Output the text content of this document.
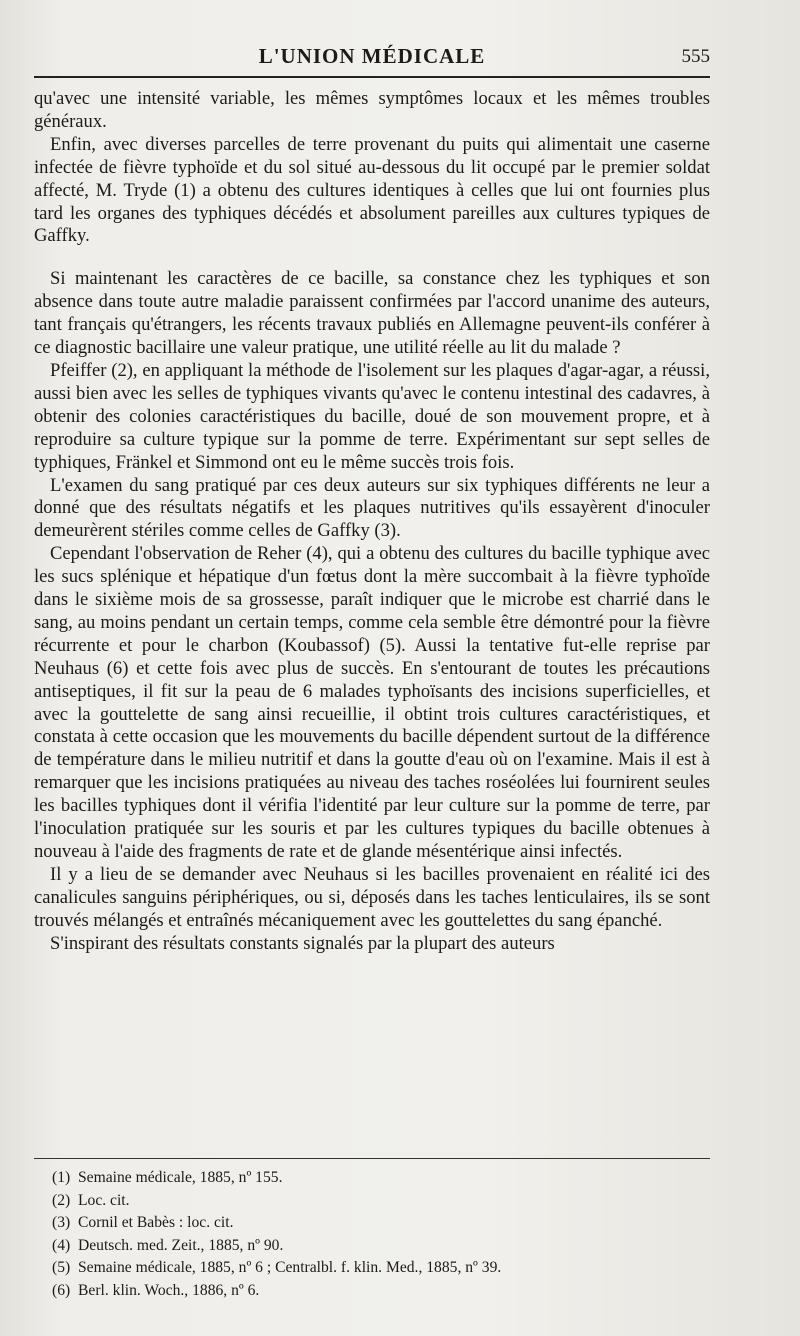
L'UNION MÉDICALE	555

qu'avec une intensité variable, les mêmes symptômes locaux et les mêmes troubles généraux.

Enfin, avec diverses parcelles de terre provenant du puits qui alimentait une caserne infectée de fièvre typhoïde et du sol situé au-dessous du lit occupé par le premier soldat affecté, M. Tryde (1) a obtenu des cultures identiques à celles que lui ont fournies plus tard les organes des typhiques décédés et absolument pareilles aux cultures typiques de Gaffky.

Si maintenant les caractères de ce bacille, sa constance chez les typhiques et son absence dans toute autre maladie paraissent confirmées par l'accord unanime des auteurs, tant français qu'étrangers, les récents travaux publiés en Allemagne peuvent-ils conférer à ce diagnostic bacillaire une valeur pratique, une utilité réelle au lit du malade ?

Pfeiffer (2), en appliquant la méthode de l'isolement sur les plaques d'agar-agar, a réussi, aussi bien avec les selles de typhiques vivants qu'avec le contenu intestinal des cadavres, à obtenir des colonies caractéristiques du bacille, doué de son mouvement propre, et à reproduire sa culture typique sur la pomme de terre. Expérimentant sur sept selles de typhiques, Fränkel et Simmond ont eu le même succès trois fois.

L'examen du sang pratiqué par ces deux auteurs sur six typhiques différents ne leur a donné que des résultats négatifs et les plaques nutritives qu'ils essayèrent d'inoculer demeurèrent stériles comme celles de Gaffky (3).

Cependant l'observation de Reher (4), qui a obtenu des cultures du bacille typhique avec les sucs splénique et hépatique d'un fœtus dont la mère succombait à la fièvre typhoïde dans le sixième mois de sa grossesse, paraît indiquer que le microbe est charrié dans le sang, au moins pendant un certain temps, comme cela semble être démontré pour la fièvre récurrente et pour le charbon (Koubassof) (5). Aussi la tentative fut-elle reprise par Neuhaus (6) et cette fois avec plus de succès. En s'entourant de toutes les précautions antiseptiques, il fit sur la peau de 6 malades typhoïsants des incisions superficielles, et avec la gouttelette de sang ainsi recueillie, il obtint trois cultures caractéristiques, et constata à cette occasion que les mouvements du bacille dépendent surtout de la différence de température dans le milieu nutritif et dans la goutte d'eau où on l'examine. Mais il est à remarquer que les incisions pratiquées au niveau des taches roséolées lui fournirent seules les bacilles typhiques dont il vérifia l'identité par leur culture sur la pomme de terre, par l'inoculation pratiquée sur les souris et par les cultures typiques du bacille obtenues à nouveau à l'aide des fragments de rate et de glande mésentérique ainsi infectés.

Il y a lieu de se demander avec Neuhaus si les bacilles provenaient en réalité ici des canalicules sanguins périphériques, ou si, déposés dans les taches lenticulaires, ils se sont trouvés mélangés et entraînés mécaniquement avec les gouttelettes du sang épanché.

S'inspirant des résultats constants signalés par la plupart des auteurs

(1) Semaine médicale, 1885, nº 155.
(2) Loc. cit.
(3) Cornil et Babès : loc. cit.
(4) Deutsch. med. Zeit., 1885, nº 90.
(5) Semaine médicale, 1885, nº 6 ; Centralbl. f. klin. Med., 1885, nº 39.
(6) Berl. klin. Woch., 1886, nº 6.
